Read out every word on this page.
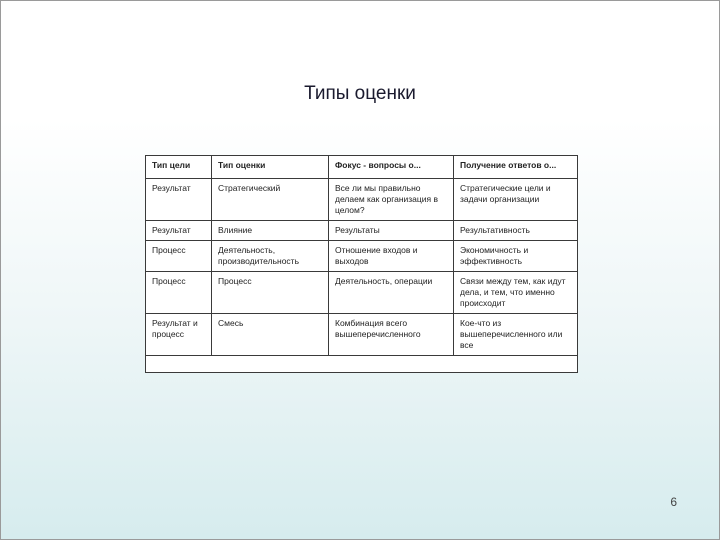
Типы оценки
Тип цели	Тип оценки	Фокус - вопросы о...	Получение ответов о...
Результат	Стратегический	Все ли мы правильно делаем как организация в целом?	Стратегические цели и задачи организации
Результат	Влияние	Результаты	Результативность
Процесс	Деятельность, производительность	Отношение входов и выходов	Экономичность и эффективность
Процесс	Процесс	Деятельность, операции	Связи между тем, как идут дела, и тем, что именно происходит
Результат и процесс	Смесь	Комбинация всего вышеперечисленного	Кое-что из вышеперечисленного или все

6
